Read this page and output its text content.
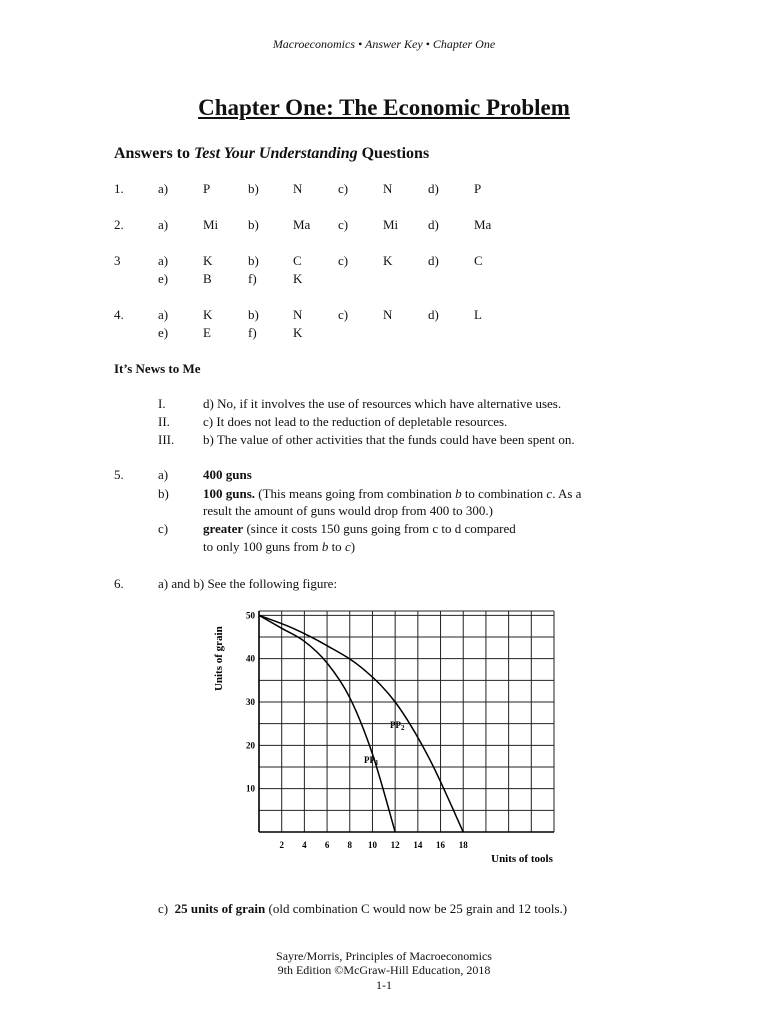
Macroeconomics • Answer Key • Chapter One
Chapter One: The Economic Problem
Answers to Test Your Understanding Questions
1.	a)	P	b)	N	c)	N	d)	P
2.	a)	Mi b)	Ma c)	Mi d)	Ma
3	a)	K	b)	C	c)	K	d)	C
e)	B	f)	K
4.	a)	K	b)	N	c)	N	d)	L
e)	E	f)	K
It’s News to Me
I.	d) No, if it involves the use of resources which have alternative uses.
II.	c) It does not lead to the reduction of depletable resources.
III. b) The value of other activities that the funds could have been spent on.
5.	a)	400 guns
b)	100 guns. (This means going from combination b to combination c. As a
result the amount of guns would drop from 400 to 300.)
c)	greater (since it costs 150 guns going from c to d compared
to only 100 guns from b to c)
6.	a) and b) See the following figure:
2 4 6 8 10 12 14 16 18
10
20
30
40
50
Units of grain
Units of tools
$PP_1$
$PP_2$
c) 25 units of grain (old combination C would now be 25 grain and 12 tools.)
Sayre/Morris, Principles of Macroeconomics
9th Edition ©McGraw-Hill Education, 2018
1-1
